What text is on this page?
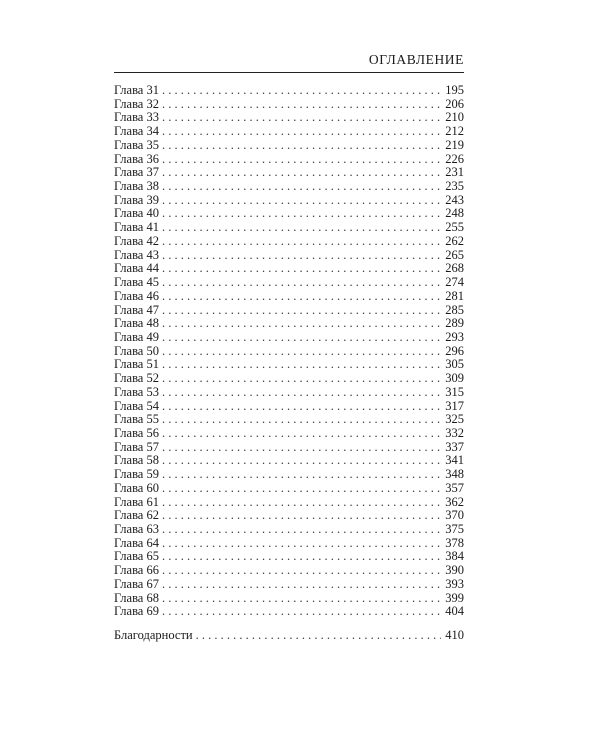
ОГЛАВЛЕНИЕ
Глава 31 . . .	195
Глава 32 . . .	206
Глава 33 . . .	210
Глава 34 . . .	212
Глава 35 . . .	219
Глава 36 . . .	226
Глава 37 . . .	231
Глава 38 . . .	235
Глава 39 . . .	243
Глава 40 . . .	248
Глава 41 . . .	255
Глава 42 . . .	262
Глава 43 . . .	265
Глава 44 . . .	268
Глава 45 . . .	274
Глава 46 . . .	281
Глава 47 . . .	285
Глава 48 . . .	289
Глава 49 . . .	293
Глава 50 . . .	296
Глава 51 . . .	305
Глава 52 . . .	309
Глава 53 . . .	315
Глава 54 . . .	317
Глава 55 . . .	325
Глава 56 . . .	332
Глава 57 . . .	337
Глава 58 . . .	341
Глава 59 . . .	348
Глава 60 . . .	357
Глава 61 . . .	362
Глава 62 . . .	370
Глава 63 . . .	375
Глава 64 . . .	378
Глава 65 . . .	384
Глава 66 . . .	390
Глава 67 . . .	393
Глава 68 . . .	399
Глава 69 . . .	404
Благодарности . . .	410
